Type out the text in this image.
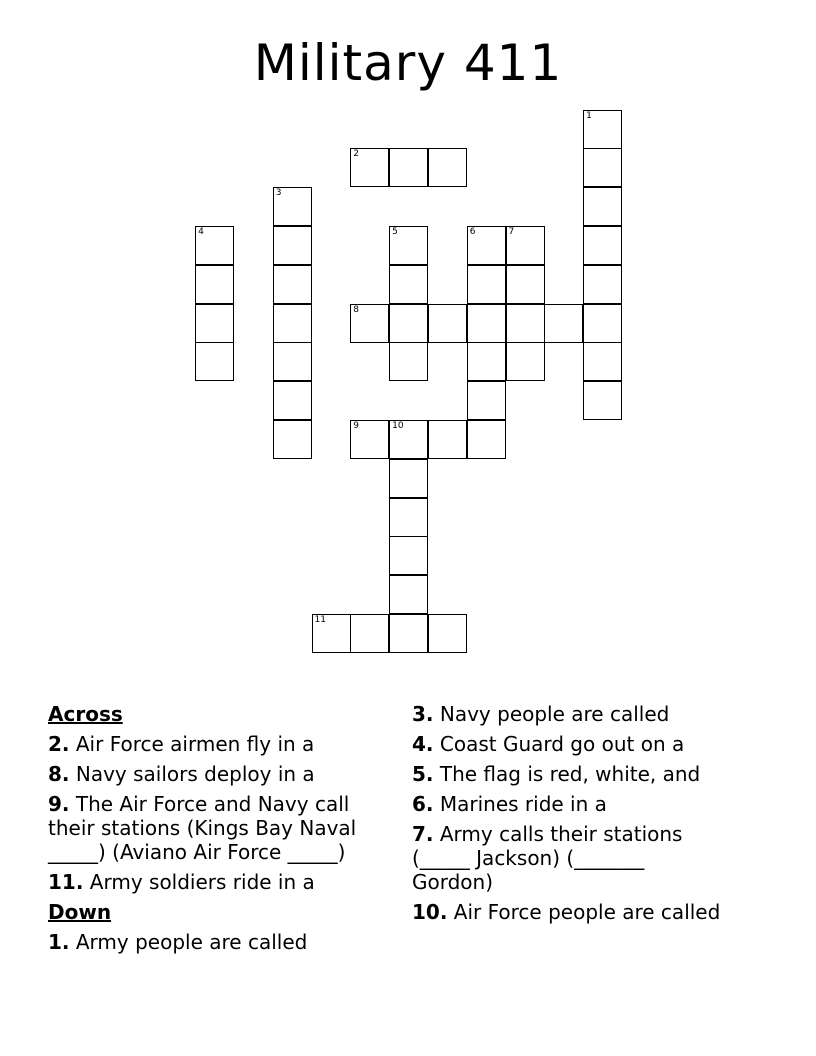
Military 411
1
2
3
4	5	6	7
8
9	10
11
Across
2. Air Force airmen fly in a
8. Navy sailors deploy in a
9. The Air Force and Navy call their stations (Kings Bay Naval _____) (Aviano Air Force _____)
11. Army soldiers ride in a
Down
1. Army people are called
3. Navy people are called
4. Coast Guard go out on a
5. The flag is red, white, and
6. Marines ride in a
7. Army calls their stations (_____ Jackson) (_______ Gordon)
10. Air Force people are called
